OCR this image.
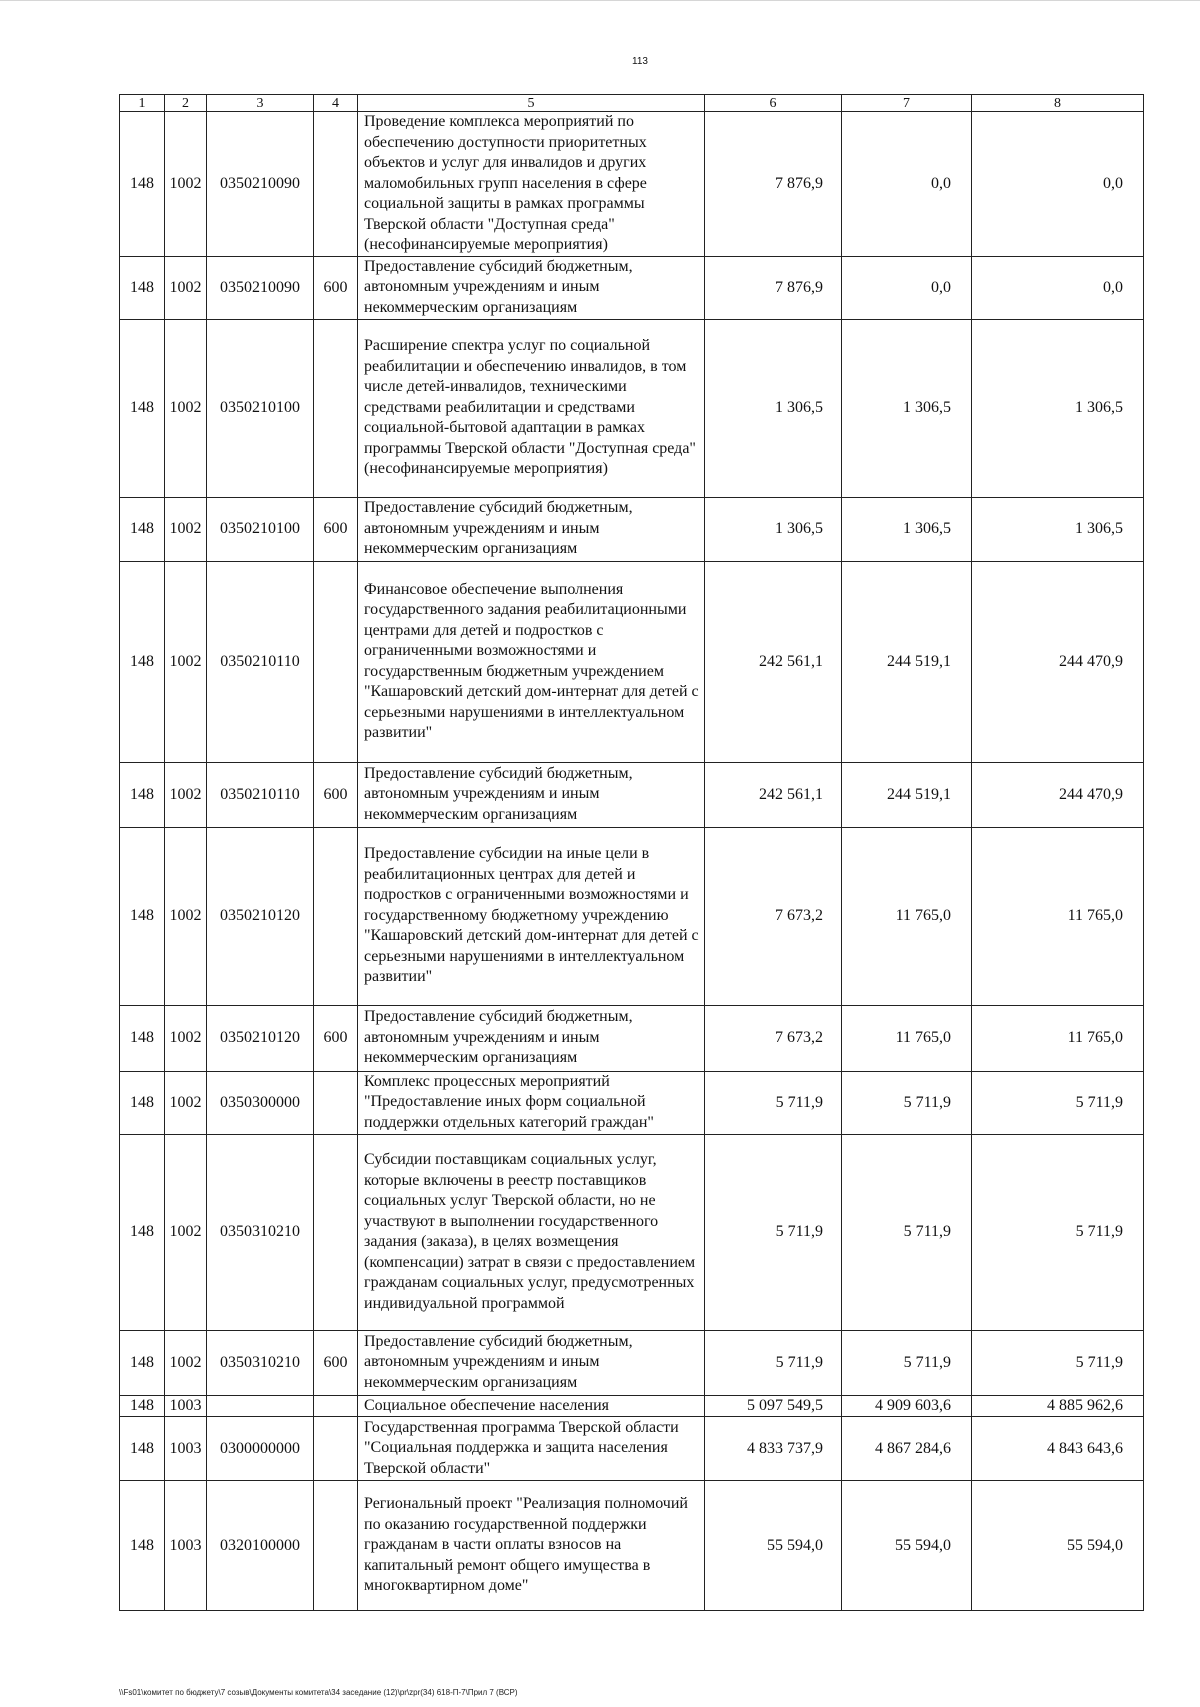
113
1	2	3	4	5	6	7	8
148	1002	0350210090		Проведение комплекса мероприятий по обеспечению доступности приоритетных объектов и услуг для инвалидов и других маломобильных групп населения в сфере социальной защиты в рамках программы Тверской области "Доступная среда" (несофинансируемые мероприятия)	7 876,9	0,0	0,0
148	1002	0350210090	600	Предоставление субсидий бюджетным, автономным учреждениям и иным некоммерческим организациям	7 876,9	0,0	0,0
148	1002	0350210100		Расширение спектра услуг по социальной реабилитации и обеспечению инвалидов, в том числе детей-инвалидов, техническими средствами реабилитации и средствами социальной-бытовой адаптации в рамках программы Тверской области "Доступная среда" (несофинансируемые мероприятия)	1 306,5	1 306,5	1 306,5
148	1002	0350210100	600	Предоставление субсидий бюджетным, автономным учреждениям и иным некоммерческим организациям	1 306,5	1 306,5	1 306,5
148	1002	0350210110		Финансовое обеспечение выполнения государственного задания реабилитационными центрами для детей и подростков с ограниченными возможностями и государственным бюджетным учреждением "Кашаровский детский дом-интернат для детей с серьезными нарушениями в интеллектуальном развитии"	242 561,1	244 519,1	244 470,9
148	1002	0350210110	600	Предоставление субсидий бюджетным, автономным учреждениям и иным некоммерческим организациям	242 561,1	244 519,1	244 470,9
148	1002	0350210120		Предоставление субсидии на иные цели в реабилитационных центрах для детей и подростков с ограниченными возможностями и государственному бюджетному учреждению "Кашаровский детский дом-интернат для детей с серьезными нарушениями в интеллектуальном развитии"	7 673,2	11 765,0	11 765,0
148	1002	0350210120	600	Предоставление субсидий бюджетным, автономным учреждениям и иным некоммерческим организациям	7 673,2	11 765,0	11 765,0
148	1002	0350300000		Комплекс процессных мероприятий "Предоставление иных форм социальной поддержки отдельных категорий граждан"	5 711,9	5 711,9	5 711,9
148	1002	0350310210		Субсидии поставщикам социальных услуг, которые включены в реестр поставщиков социальных услуг Тверской области, но не участвуют в выполнении государственного задания (заказа), в целях возмещения (компенсации) затрат в связи с предоставлением гражданам социальных услуг, предусмотренных индивидуальной программой	5 711,9	5 711,9	5 711,9
148	1002	0350310210	600	Предоставление субсидий бюджетным, автономным учреждениям и иным некоммерческим организациям	5 711,9	5 711,9	5 711,9
148	1003			Социальное обеспечение населения	5 097 549,5	4 909 603,6	4 885 962,6
148	1003	0300000000		Государственная программа Тверской области "Социальная поддержка и защита населения Тверской области"	4 833 737,9	4 867 284,6	4 843 643,6
148	1003	0320100000		Региональный проект "Реализация полномочий по оказанию государственной поддержки гражданам в части оплаты взносов на капитальный ремонт общего имущества в многоквартирном доме"	55 594,0	55 594,0	55 594,0
\\Fs01\комитет по бюджету\7 созыв\Документы комитета\34 заседание (12)\pr\zpr(34) 618-П-7\Прил 7 (ВСР)
